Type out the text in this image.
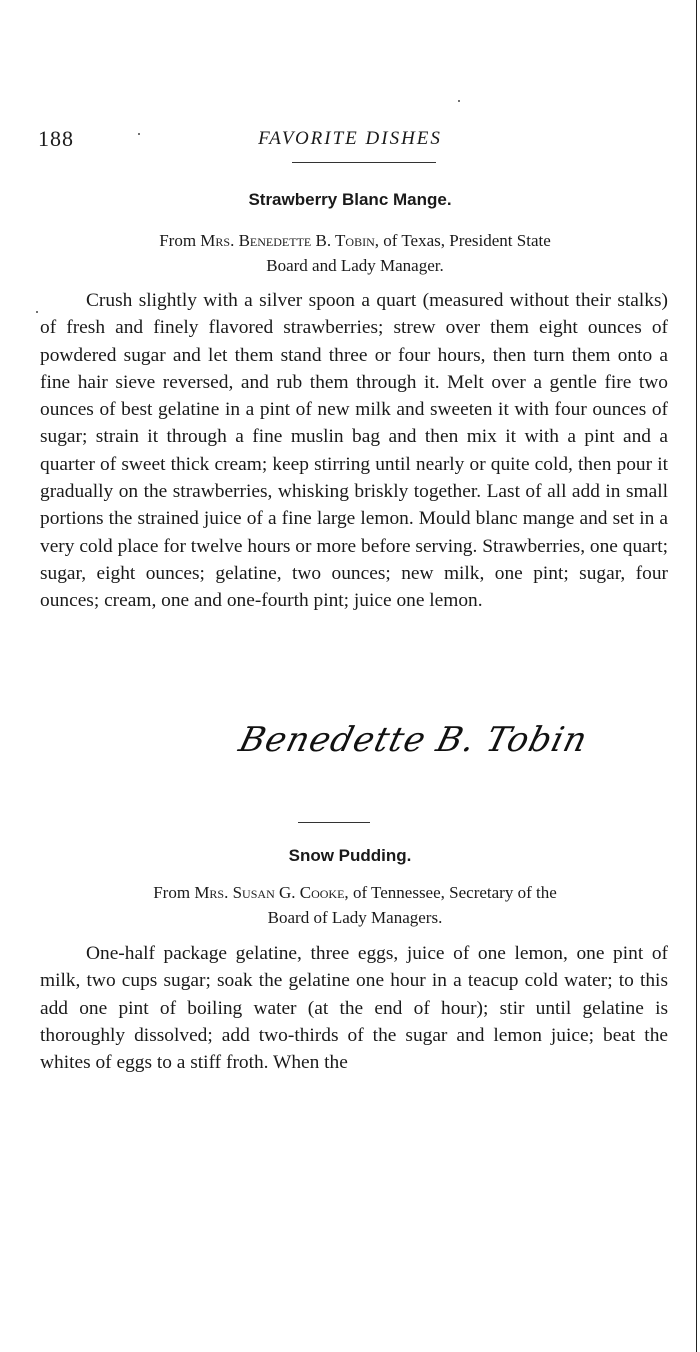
188	FAVORITE DISHES
Strawberry Blanc Mange.
From Mrs. Benedette B. Tobin, of Texas, President State
Board and Lady Manager.

Crush slightly with a silver spoon a quart (measured without their stalks) of fresh and finely flavored strawberries; strew over them eight ounces of powdered sugar and let them stand three or four hours, then turn them onto a fine hair sieve reversed, and rub them through it. Melt over a gentle fire two ounces of best gelatine in a pint of new milk and sweeten it with four ounces of sugar; strain it through a fine muslin bag and then mix it with a pint and a quarter of sweet thick cream; keep stirring until nearly or quite cold, then pour it gradually on the strawberries, whisking briskly together. Last of all add in small portions the strained juice of a fine large lemon. Mould blanc mange and set in a very cold place for twelve hours or more before serving. Strawberries, one quart; sugar, eight ounces; gelatine, two ounces; new milk, one pint; sugar, four ounces; cream, one and one-fourth pint; juice one lemon.

Benedette B. Tobin
Snow Pudding.
From Mrs. Susan G. Cooke, of Tennessee, Secretary of the
Board of Lady Managers.

One-half package gelatine, three eggs, juice of one lemon, one pint of milk, two cups sugar; soak the gelatine one hour in a teacup cold water; to this add one pint of boiling water (at the end of hour); stir until gelatine is thoroughly dissolved; add two-thirds of the sugar and lemon juice; beat the whites of eggs to a stiff froth. When the
